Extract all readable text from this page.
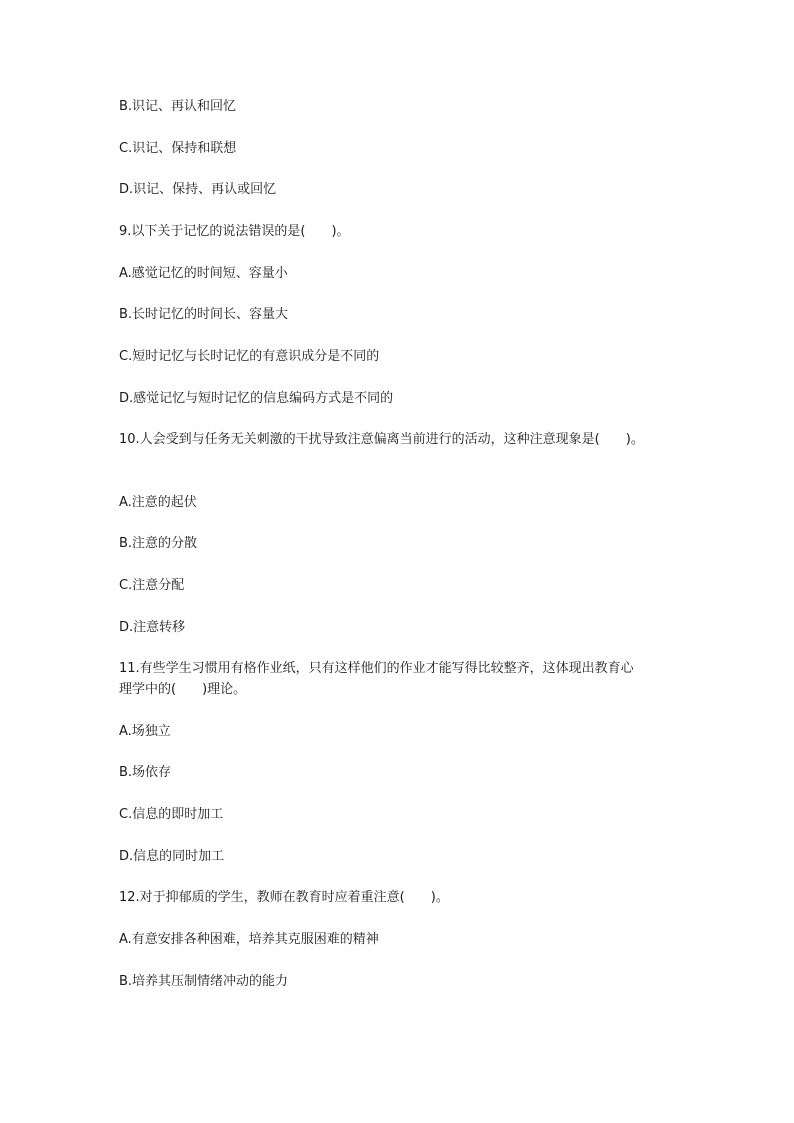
B.识记、再认和回忆
C.识记、保持和联想
D.识记、保持、再认或回忆
9.以下关于记忆的说法错误的是(　　)。
A.感觉记忆的时间短、容量小
B.长时记忆的时间长、容量大
C.短时记忆与长时记忆的有意识成分是不同的
D.感觉记忆与短时记忆的信息编码方式是不同的
10.人会受到与任务无关刺激的干扰导致注意偏离当前进行的活动，这种注意现象是(　　)。
A.注意的起伏
B.注意的分散
C.注意分配
D.注意转移
11.有些学生习惯用有格作业纸，只有这样他们的作业才能写得比较整齐，这体现出教育心
理学中的(　　)理论。
A.场独立
B.场依存
C.信息的即时加工
D.信息的同时加工
12.对于抑郁质的学生，教师在教育时应着重注意(　　)。
A.有意安排各种困难，培养其克服困难的精神
B.培养其压制情绪冲动的能力
